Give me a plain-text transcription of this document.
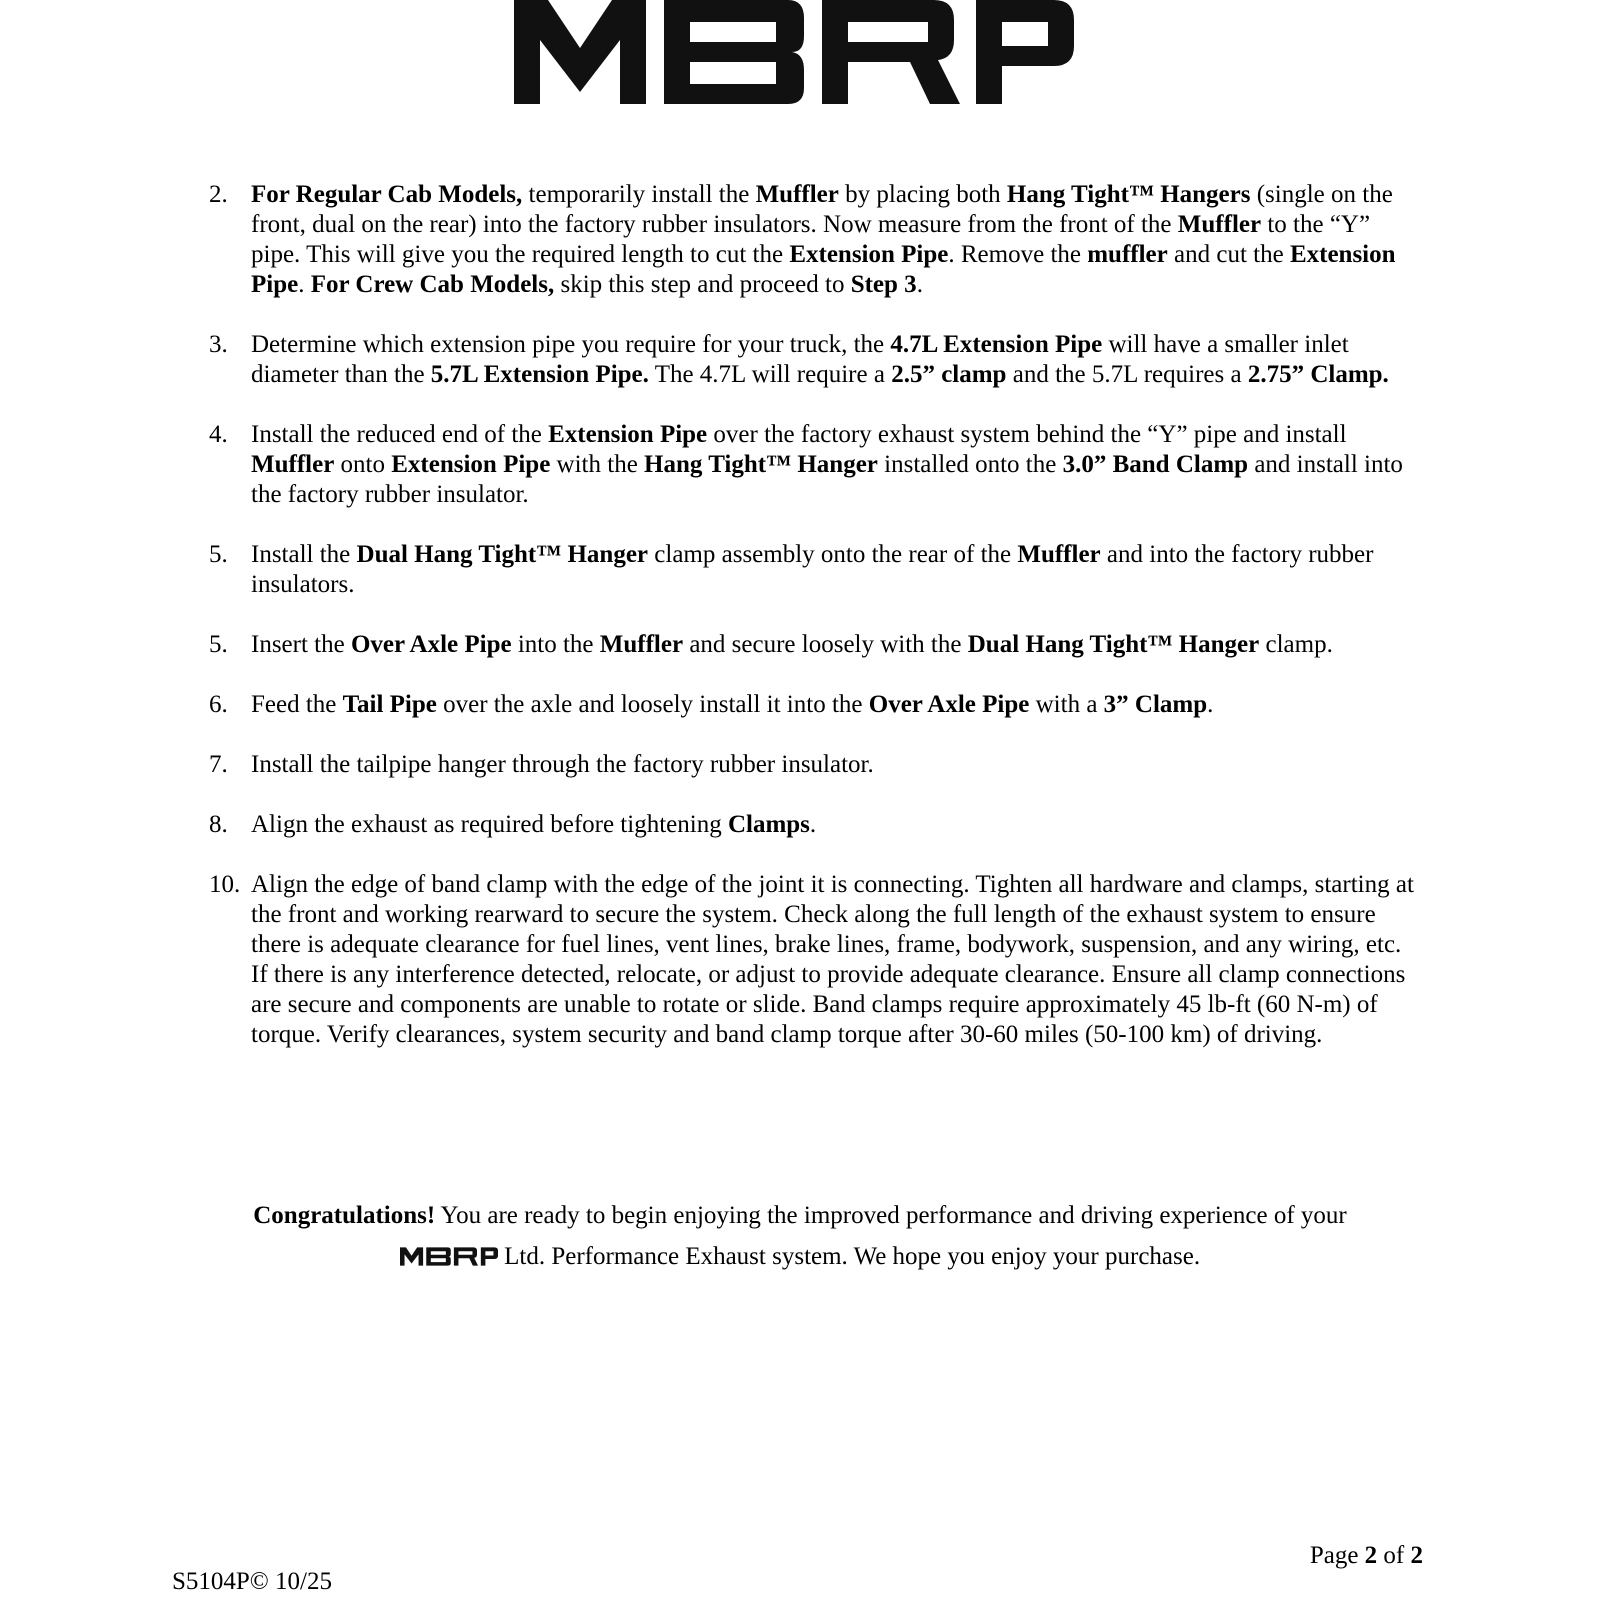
2. For Regular Cab Models, temporarily install the Muffler by placing both Hang Tight™ Hangers (single on the front, dual on the rear) into the factory rubber insulators. Now measure from the front of the Muffler to the “Y” pipe. This will give you the required length to cut the Extension Pipe. Remove the muffler and cut the Extension Pipe. For Crew Cab Models, skip this step and proceed to Step 3.
3. Determine which extension pipe you require for your truck, the 4.7L Extension Pipe will have a smaller inlet diameter than the 5.7L Extension Pipe. The 4.7L will require a 2.5” clamp and the 5.7L requires a 2.75” Clamp.
4. Install the reduced end of the Extension Pipe over the factory exhaust system behind the “Y” pipe and install Muffler onto Extension Pipe with the Hang Tight™ Hanger installed onto the 3.0” Band Clamp and install into the factory rubber insulator.
5. Install the Dual Hang Tight™ Hanger clamp assembly onto the rear of the Muffler and into the factory rubber insulators.
5. Insert the Over Axle Pipe into the Muffler and secure loosely with the Dual Hang Tight™ Hanger clamp.
6. Feed the Tail Pipe over the axle and loosely install it into the Over Axle Pipe with a 3” Clamp.
7. Install the tailpipe hanger through the factory rubber insulator.
8. Align the exhaust as required before tightening Clamps.
10. Align the edge of band clamp with the edge of the joint it is connecting. Tighten all hardware and clamps, starting at the front and working rearward to secure the system. Check along the full length of the exhaust system to ensure there is adequate clearance for fuel lines, vent lines, brake lines, frame, bodywork, suspension, and any wiring, etc. If there is any interference detected, relocate, or adjust to provide adequate clearance. Ensure all clamp connections are secure and components are unable to rotate or slide. Band clamps require approximately 45 lb-ft (60 N-m) of torque. Verify clearances, system security and band clamp torque after 30-60 miles (50-100 km) of driving.
Congratulations! You are ready to begin enjoying the improved performance and driving experience of your
Ltd. Performance Exhaust system. We hope you enjoy your purchase.
Page 2 of 2
S5104P© 10/25
